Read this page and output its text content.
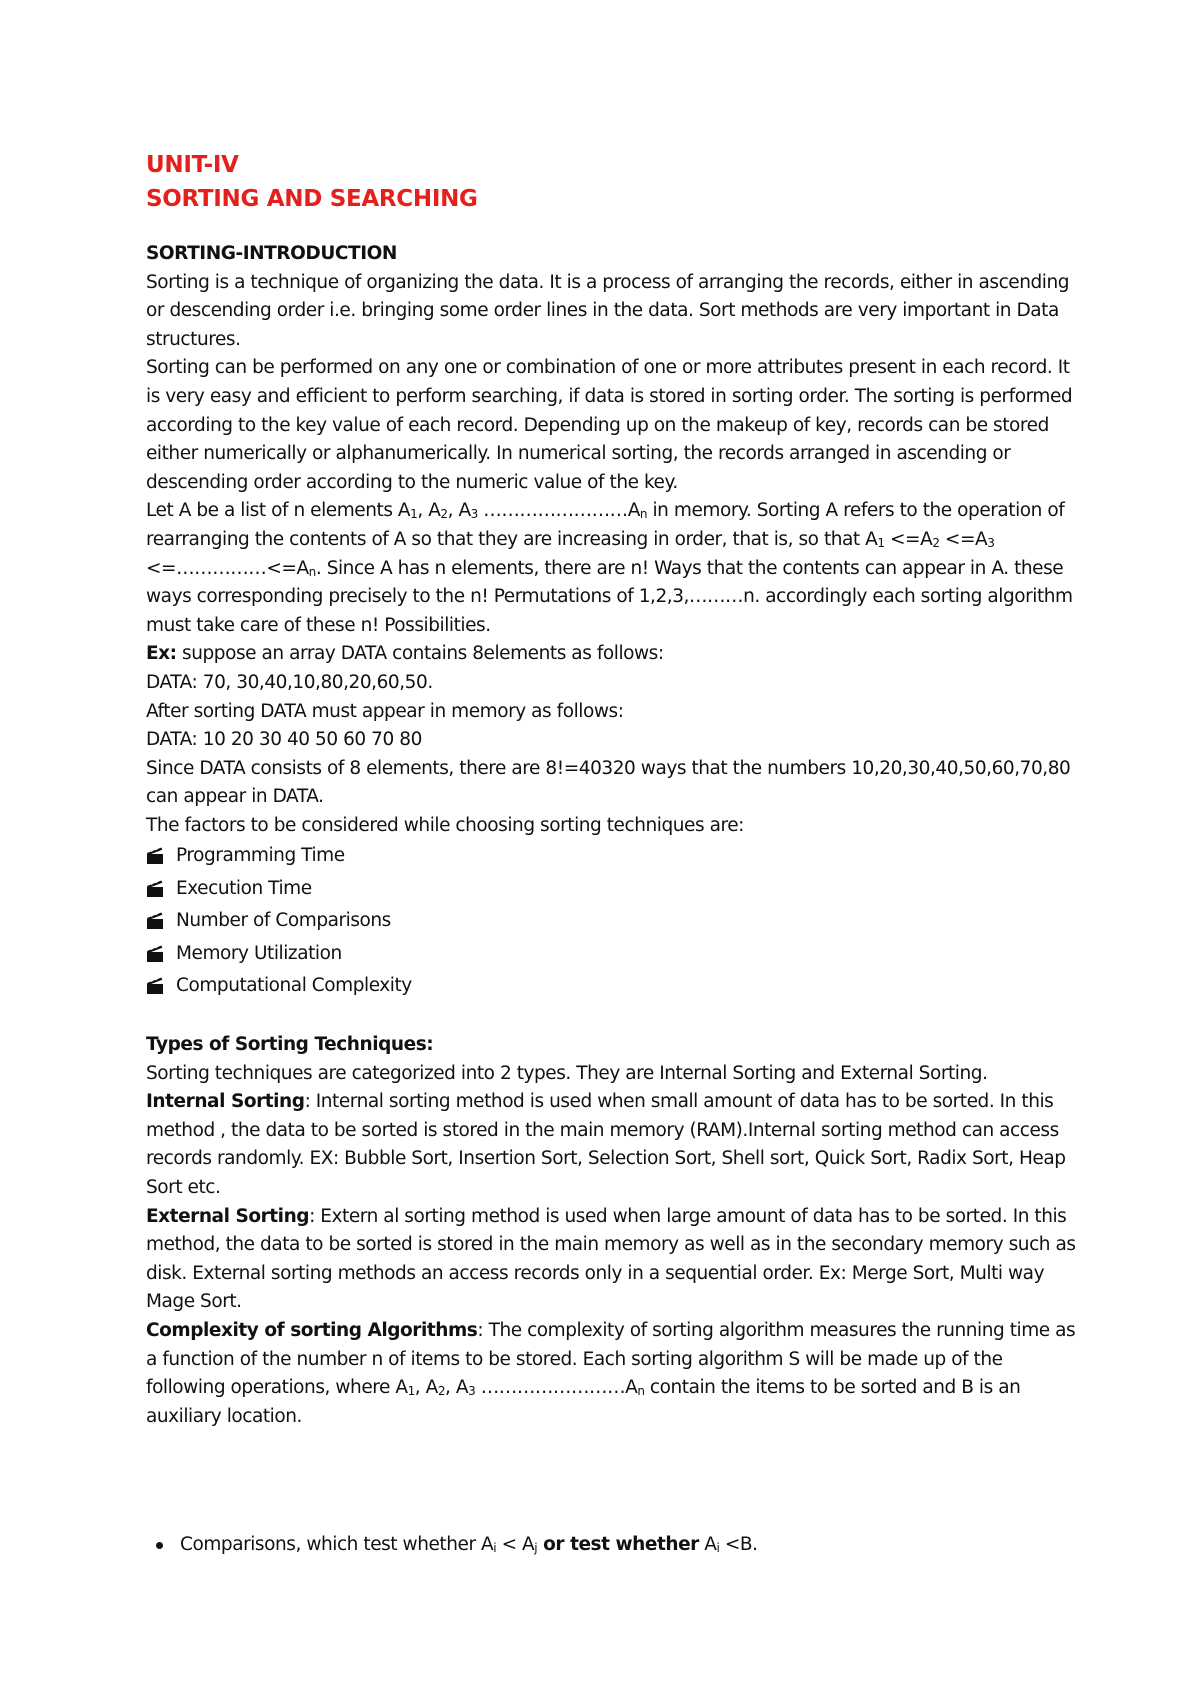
UNIT-IV
SORTING AND SEARCHING

SORTING-INTRODUCTION

Sorting is a technique of organizing the data. It is a process of arranging the records, either in ascending or descending order i.e. bringing some order lines in the data. Sort methods are very important in Data structures.

Sorting can be performed on any one or combination of one or more attributes present in each record. It is very easy and efficient to perform searching, if data is stored in sorting order. The sorting is performed according to the key value of each record. Depending up on the makeup of key, records can be stored either numerically or alphanumerically. In numerical sorting, the records arranged in ascending or descending order according to the numeric value of the key.

Let A be a list of n elements $A_1$, $A_2$, $A_3$ $\dots\dots\dots\dots\dots\dots\dots\dots A_n$ in memory. Sorting A refers to the operation of rearranging the contents of A so that they are increasing in order, that is, so that $A_1 <=A_2 <=A_3$ $<=\dots\dots\dots\dots\dots<=A_n$. Since A has n elements, there are n! Ways that the contents can appear in A. these ways corresponding precisely to the n! Permutations of 1,2,3,………n. accordingly each sorting algorithm must take care of these n! Possibilities.

Ex: suppose an array DATA contains 8elements as follows:

DATA: 70, 30,40,10,80,20,60,50.

After sorting DATA must appear in memory as follows:

DATA: 10 20 30 40 50 60 70 80

Since DATA consists of 8 elements, there are 8!=40320 ways that the numbers 10,20,30,40,50,60,70,80 can appear in DATA.

The factors to be considered while choosing sorting techniques are:

Programming Time
Execution Time
Number of Comparisons
Memory Utilization
Computational Complexity

Types of Sorting Techniques:

Sorting techniques are categorized into 2 types. They are Internal Sorting and External Sorting.

Internal Sorting: Internal sorting method is used when small amount of data has to be sorted. In this method , the data to be sorted is stored in the main memory (RAM).Internal sorting method can access records randomly. EX: Bubble Sort, Insertion Sort, Selection Sort, Shell sort, Quick Sort, Radix Sort, Heap Sort etc.

External Sorting: Extern al sorting method is used when large amount of data has to be sorted. In this method, the data to be sorted is stored in the main memory as well as in the secondary memory such as disk. External sorting methods an access records only in a sequential order. Ex: Merge Sort, Multi way Mage Sort.

Complexity of sorting Algorithms: The complexity of sorting algorithm measures the running time as a function of the number n of items to be stored. Each sorting algorithm S will be made up of the following operations, where $A_1$, $A_2$, $A_3$ $\dots\dots\dots\dots\dots\dots\dots\dots A_n$ contain the items to be sorted and B is an auxiliary location.

Comparisons, which test whether $A_i < A_j$ or test whether $A_i <B$.
